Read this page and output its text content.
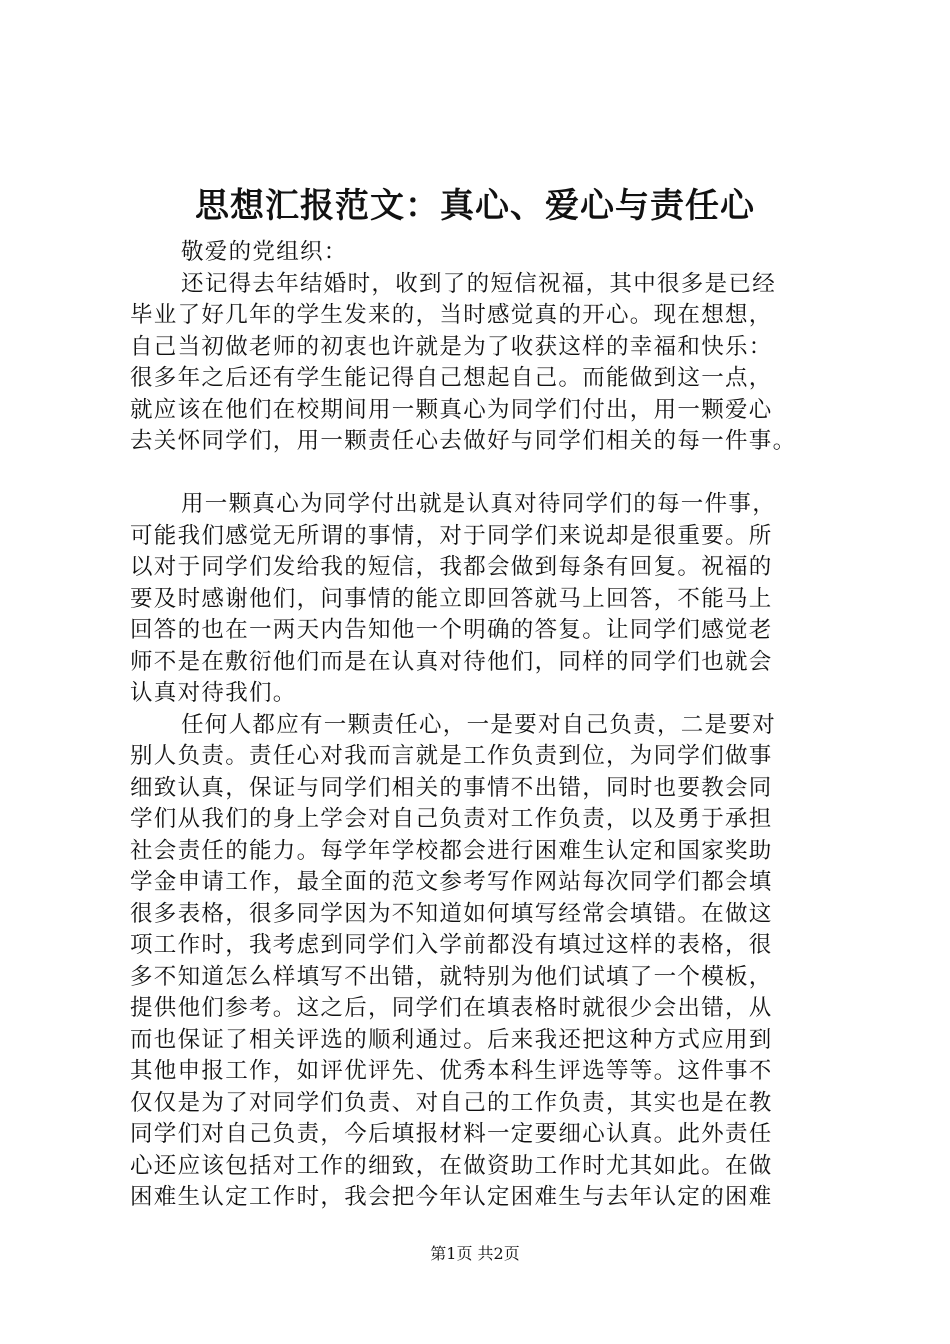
思想汇报范文：真心、爱心与责任心
敬爱的党组织：
还记得去年结婚时，收到了的短信祝福，其中很多是已经
毕业了好几年的学生发来的，当时感觉真的开心。现在想想，
自己当初做老师的初衷也许就是为了收获这样的幸福和快乐：
很多年之后还有学生能记得自己想起自己。而能做到这一点，
就应该在他们在校期间用一颗真心为同学们付出，用一颗爱心
去关怀同学们，用一颗责任心去做好与同学们相关的每一件事。
用一颗真心为同学付出就是认真对待同学们的每一件事，
可能我们感觉无所谓的事情，对于同学们来说却是很重要。所
以对于同学们发给我的短信，我都会做到每条有回复。祝福的
要及时感谢他们，问事情的能立即回答就马上回答，不能马上
回答的也在一两天内告知他一个明确的答复。让同学们感觉老
师不是在敷衍他们而是在认真对待他们，同样的同学们也就会
认真对待我们。
任何人都应有一颗责任心，一是要对自己负责，二是要对
别人负责。责任心对我而言就是工作负责到位，为同学们做事
细致认真，保证与同学们相关的事情不出错，同时也要教会同
学们从我们的身上学会对自己负责对工作负责，以及勇于承担
社会责任的能力。每学年学校都会进行困难生认定和国家奖助
学金申请工作，最全面的范文参考写作网站每次同学们都会填
很多表格，很多同学因为不知道如何填写经常会填错。在做这
项工作时，我考虑到同学们入学前都没有填过这样的表格，很
多不知道怎么样填写不出错，就特别为他们试填了一个模板，
提供他们参考。这之后，同学们在填表格时就很少会出错，从
而也保证了相关评选的顺利通过。后来我还把这种方式应用到
其他申报工作，如评优评先、优秀本科生评选等等。这件事不
仅仅是为了对同学们负责、对自己的工作负责，其实也是在教
同学们对自己负责，今后填报材料一定要细心认真。此外责任
心还应该包括对工作的细致，在做资助工作时尤其如此。在做
困难生认定工作时，我会把今年认定困难生与去年认定的困难
第1页 共2页
